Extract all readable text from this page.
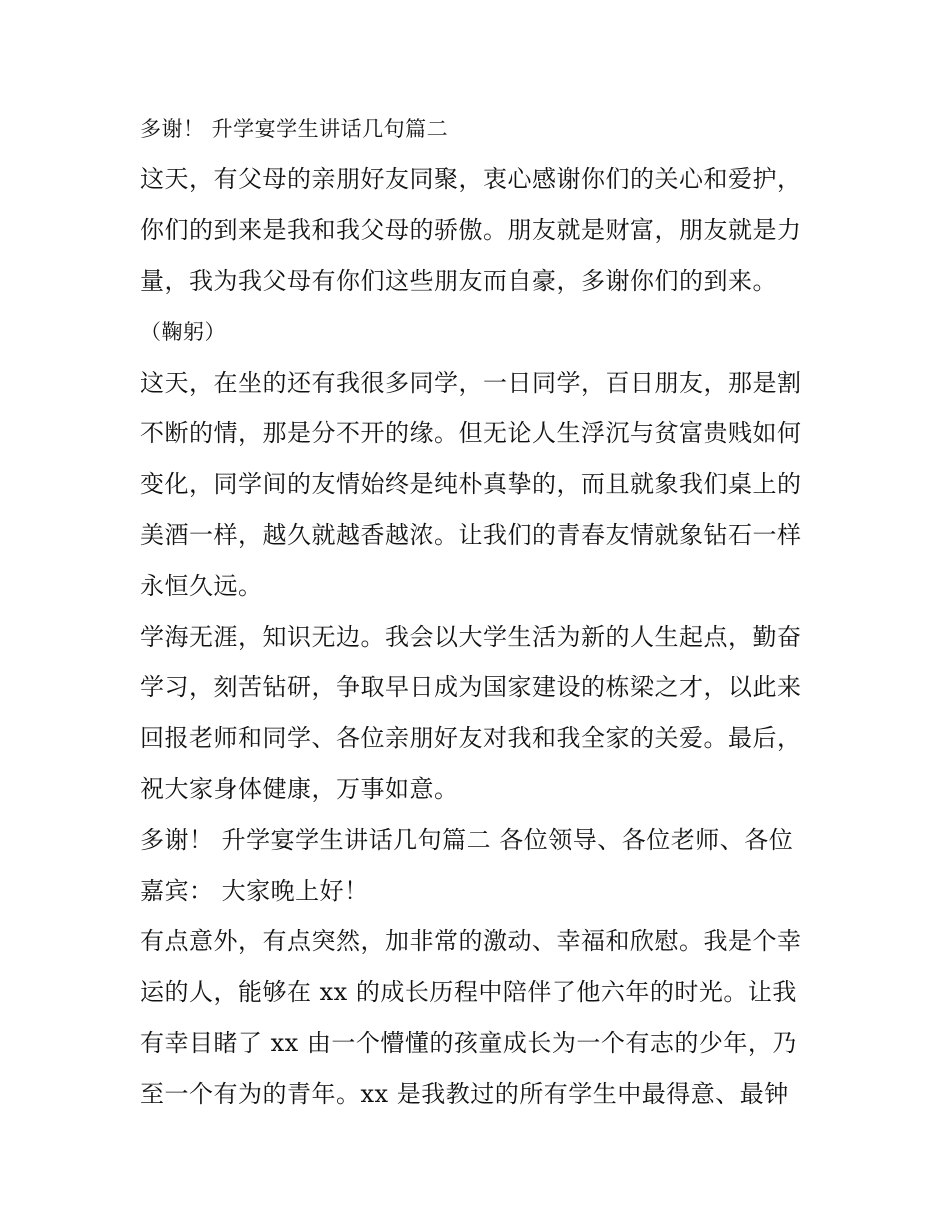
多谢！ 升学宴学生讲话几句篇二
这天，有父母的亲朋好友同聚，衷心感谢你们的关心和爱护，
你们的到来是我和我父母的骄傲。朋友就是财富，朋友就是力
量，我为我父母有你们这些朋友而自豪，多谢你们的到来。
（鞠躬）
这天，在坐的还有我很多同学，一日同学，百日朋友，那是割
不断的情，那是分不开的缘。但无论人生浮沉与贫富贵贱如何
变化，同学间的友情始终是纯朴真挚的，而且就象我们桌上的
美酒一样，越久就越香越浓。让我们的青春友情就象钻石一样
永恒久远。
学海无涯，知识无边。我会以大学生活为新的人生起点，勤奋
学习，刻苦钻研，争取早日成为国家建设的栋梁之才，以此来
回报老师和同学、各位亲朋好友对我和我全家的关爱。最后，
祝大家身体健康，万事如意。
多谢！ 升学宴学生讲话几句篇二 各位领导、各位老师、各位
嘉宾： 大家晚上好！
有点意外，有点突然，加非常的激动、幸福和欣慰。我是个幸
运的人，能够在 xx 的成长历程中陪伴了他六年的时光。让我
有幸目睹了 xx 由一个懵懂的孩童成长为一个有志的少年，乃
至一个有为的青年。xx 是我教过的所有学生中最得意、最钟
